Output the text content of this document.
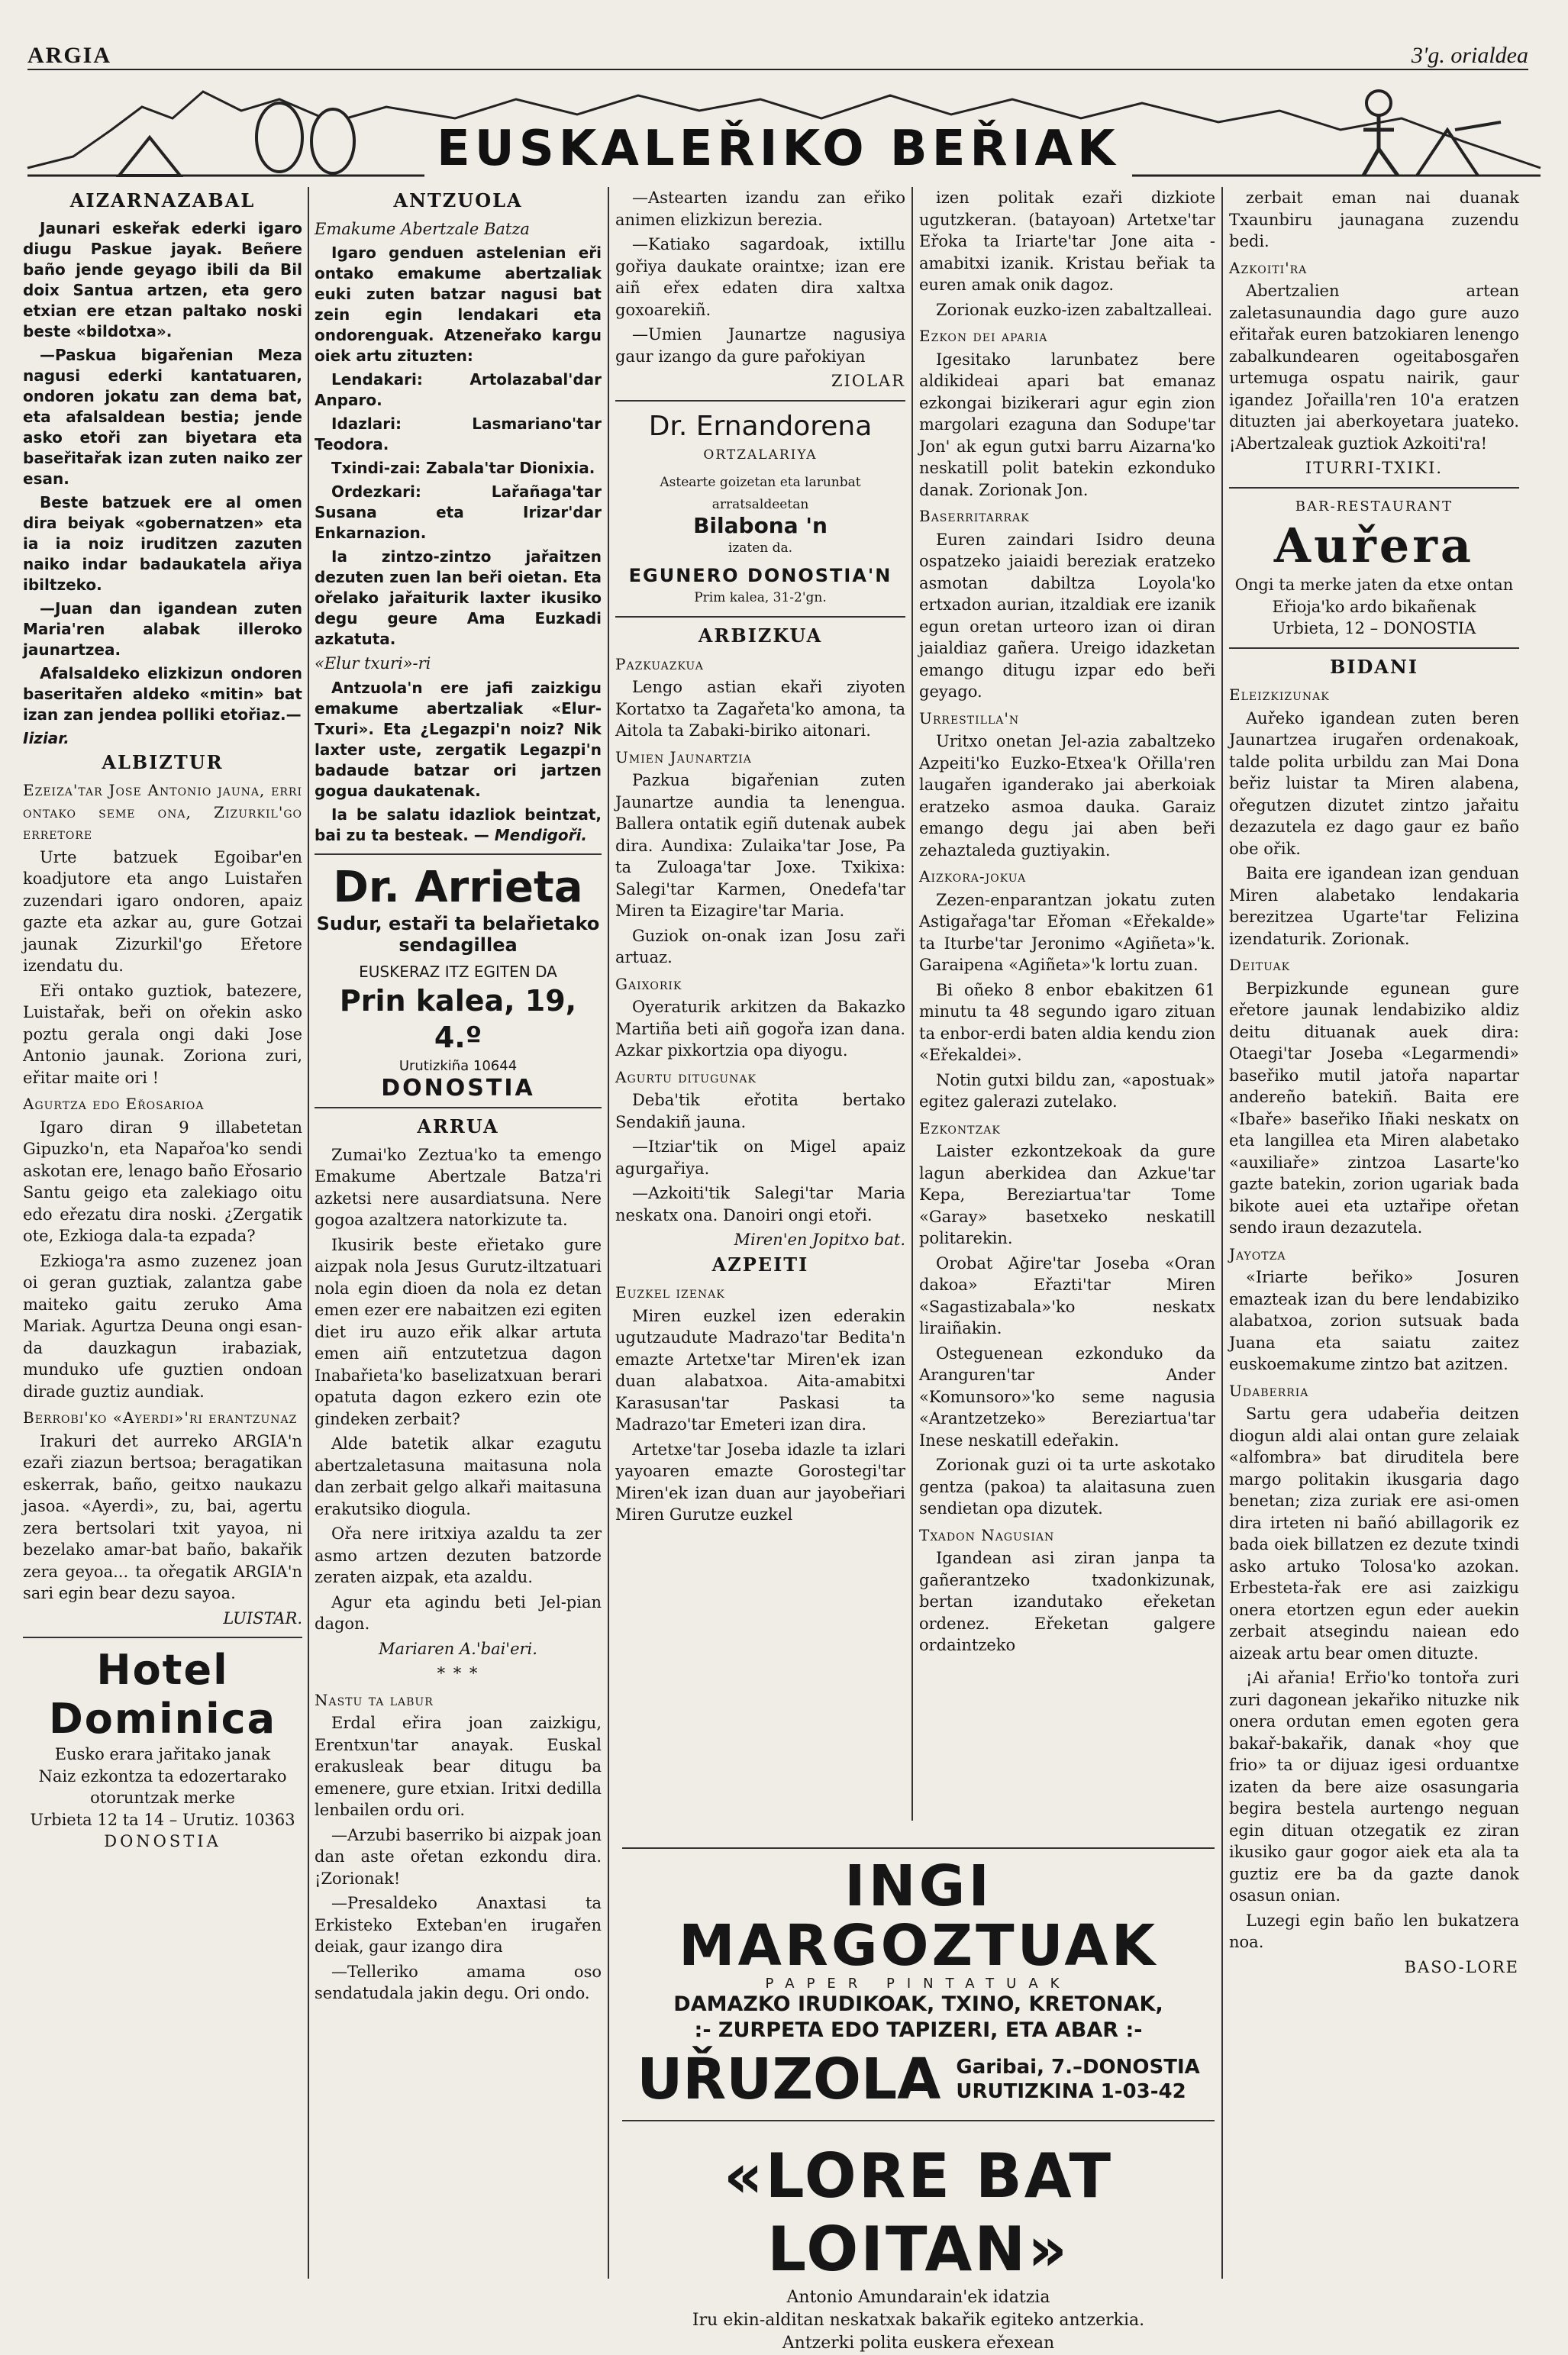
ARGIA	3'g. orialdea
EUSKALEŘIKO BEŘIAK

AIZARNAZABAL

Jaunari eskeřak ederki igaro diugu Paskue jayak. Beñere baño jende geyago ibili da Bil doix Santua artzen, eta gero etxian ere etzan paltako noski beste «bildotxa».

—Paskua bigařenian Meza nagusi ederki kantatuaren, ondoren jokatu zan dema bat, eta afalsaldean bestia; jende asko etoři zan biyetara eta baseřitařak izan zuten naiko zer esan.

Beste batzuek ere al omen dira beiyak «gobernatzen» eta ia ia noiz iruditzen zazuten naiko indar badaukatela ařiya ibiltzeko.

—Juan dan igandean zuten Maria'ren alabak illeroko jaunartzea.

Afalsaldeko elizkizun ondoren baseritařen aldeko «mitin» bat izan zan jendea polliki etořiaz.—

Iiziar.

ALBIZTUR

Ezeiza'tar Jose Antonio jauna, erri ontako seme ona, Zizurkil'go erretore

Urte batzuek Egoibar'en koadjutore eta ango Luistařen zuzendari igaro ondoren, apaiz gazte eta azkar au, gure Gotzai jaunak Zizurkil'go Eřetore izendatu du.

Eři ontako guztiok, batezere, Luistařak, beři on ořekin asko poztu gerala ongi daki Jose Antonio jaunak. Zoriona zuri, eřitar maite ori !

Agurtza edo Eřosarioa

Igaro diran 9 illabetetan Gipuzko'n, eta Napařoa'ko sendi askotan ere, lenago baño Eřosario Santu geigo eta zalekiago oitu edo eřezatu dira noski. ¿Zergatik ote, Ezkioga dala-ta ezpada?

Ezkioga'ra asmo zuzenez joan oi geran guztiak, zalantza gabe maiteko gaitu zeruko Ama Mariak. Agurtza Deuna ongi esan-da dauzkagun irabaziak, munduko ufe guztien ondoan dirade guztiz aundiak.

Berrobi'ko «Ayerdi»'ri erantzunaz

Irakuri det aurreko ARGIA'n ezaři ziazun bertsoa; beragatikan eskerrak, baño, geitxo naukazu jasoa. «Ayerdi», zu, bai, agertu zera bertsolari txit yayoa, ni bezelako amar-bat baño, bakařik zera geyoa... ta ořegatik ARGIA'n sari egin bear dezu sayoa.

LUISTAR.

Hotel Dominica
Eusko erara jařitako janak
Naiz ezkontza ta edozertarako otoruntzak merke
Urbieta 12 ta 14 – Urutiz. 10363
DONOSTIA

ANTZUOLA

Emakume Abertzale Batza

Igaro genduen astelenian eři ontako emakume abertzaliak euki zuten batzar nagusi bat zein egin lendakari eta ondorenguak. Atzeneřako kargu oiek artu zituzten:

Lendakari: Artolazabal'dar Anparo.

Idazlari: Lasmariano'tar Teodora.

Txindi-zai: Zabala'tar Dionixia.

Ordezkari: Lařañaga'tar Susana eta Irizar'dar Enkarnazion.

Ia zintzo-zintzo jařaitzen dezuten zuen lan beři oietan. Eta ořelako jařaiturik laxter ikusiko degu geure Ama Euzkadi azkatuta.

«Elur txuri»-ri

Antzuola'n ere jafi zaizkigu emakume abertzaliak «Elur-Txuri». Eta ¿Legazpi'n noiz? Nik laxter uste, zergatik Legazpi'n badaude batzar ori jartzen gogua daukatenak.

Ia be salatu idazliok beintzat, bai zu ta besteak. — Mendigoři.

Dr. Arrieta
Sudur, estaři ta belařietako sendagillea
EUSKERAZ ITZ EGITEN DA
Prin kalea, 19, 4.º
Urutizkiña 10644
DONOSTIA

ARRUA

Zumai'ko Zeztua'ko ta emengo Emakume Abertzale Batza'ri azketsi nere ausardiatsuna. Nere gogoa azaltzera natorkizute ta.

Ikusirik beste eřietako gure aizpak nola Jesus Gurutz-iltzatuari nola egin dioen da nola ez detan emen ezer ere nabaitzen ezi egiten diet iru auzo eřik alkar artuta emen aiñ entzutetzua dagon Inabařieta'ko baselizatxuan berari opatuta dagon ezkero ezin ote gindeken zerbait?

Alde batetik alkar ezagutu abertzaletasuna maitasuna nola dan zerbait gelgo alkaři maitasuna erakutsiko diogula.

Ořa nere iritxiya azaldu ta zer asmo artzen dezuten batzorde zeraten aizpak, eta azaldu.

Agur eta agindu beti Jel-pian dagon.

Mariaren A.'bai'eri.

* * *

Nastu ta labur

Erdal eřira joan zaizkigu, Erentxun'tar anayak. Euskal erakusleak bear ditugu ba emenere, gure etxian. Iritxi dedilla lenbailen ordu ori.

—Arzubi baserriko bi aizpak joan dan aste ořetan ezkondu dira. ¡Zorionak!

—Presaldeko Anaxtasi ta Erkisteko Exteban'en irugařen deiak, gaur izango dira

—Telleriko amama oso sendatudala jakin degu. Ori ondo.

—Astearten izandu zan eřiko animen elizkizun berezia.

—Katiako sagardoak, ixtillu gořiya daukate oraintxe; izan ere aiñ eřex edaten dira xaltxa goxoarekiñ.

—Umien Jaunartze nagusiya gaur izango da gure pařokiyan

ZIOLAR

Dr. Ernandorena
ORTZALARIYA
Astearte goizetan eta larunbat arratsaldeetan
Bilabona 'n
izaten da.
EGUNERO DONOSTIA'N
Prim kalea, 31-2'gn.

ARBIZKUA

Pazkuazkua

Lengo astian ekaři ziyoten Kortatxo ta Zagařeta'ko amona, ta Aitola ta Zabaki-biriko aitonari.

Umien Jaunartzia

Pazkua bigařenian zuten Jaunartze aundia ta lenengua. Ballera ontatik egiñ dutenak aubek dira. Aundixa: Zulaika'tar Jose, Pa ta Zuloaga'tar Joxe. Txikixa: Salegi'tar Karmen, Onedefa'tar Miren ta Eizagire'tar Maria.

Guziok on-onak izan Josu zaři artuaz.

Gaixorik

Oyeraturik arkitzen da Bakazko Martiña beti aiñ gogořa izan dana. Azkar pixkortzia opa diyogu.

Agurtu ditugunak

Deba'tik eřotita bertako Sendakiñ jauna.

—Itziar'tik on Migel apaiz agurgařiya.

—Azkoiti'tik Salegi'tar Maria neskatx ona. Danoiri ongi etoři.

Miren'en Jopitxo bat.

AZPEITI

Euzkel izenak

Miren euzkel izen ederakin ugutzaudute Madrazo'tar Bedita'n emazte Artetxe'tar Miren'ek izan duan alabatxoa. Aita-amabitxi Karasusan'tar Paskasi ta Madrazo'tar Emeteri izan dira.

Artetxe'tar Joseba idazle ta izlari yayoaren emazte Gorostegi'tar Miren'ek izan duan aur jayobeřiari Miren Gurutze euzkel

izen politak ezaři dizkiote ugutzkeran. (batayoan) Artetxe'tar Eřoka ta Iriarte'tar Jone aita -amabitxi izanik. Kristau beřiak ta euren amak onik dagoz.

Zorionak euzko-izen zabaltzalleai.

Ezkon dei aparia

Igesitako larunbatez bere aldikideai apari bat emanaz ezkongai bizikerari agur egin zion margolari ezaguna dan Sodupe'tar Jon' ak egun gutxi barru Aizarna'ko neskatill polit batekin ezkonduko danak. Zorionak Jon.

Baserritarrak

Euren zaindari Isidro deuna ospatzeko jaiaidi bereziak eratzeko asmotan dabiltza Loyola'ko ertxadon aurian, itzaldiak ere izanik egun oretan urteoro izan oi diran jaialdiaz gañera. Ureigo idazketan emango ditugu izpar edo beři geyago.

Urrestilla'n

Uritxo onetan Jel-azia zabaltzeko Azpeiti'ko Euzko-Etxea'k Ořilla'ren laugařen iganderako jai aberkoiak eratzeko asmoa dauka. Garaiz emango degu jai aben beři zehaztaleda guztiyakin.

Aizkora-jokua

Zezen-enparantzan jokatu zuten Astigařaga'tar Eřoman «Eřekalde» ta Iturbe'tar Jeronimo «Agiñeta»'k. Garaipena «Agiñeta»'k lortu zuan.

Bi oñeko 8 enbor ebakitzen 61 minutu ta 48 segundo igaro zituan ta enbor-erdi baten aldia kendu zion «Eřekaldei».

Notin gutxi bildu zan, «apostuak» egitez galerazi zutelako.

Ezkontzak

Laister ezkontzekoak da gure lagun aberkidea dan Azkue'tar Kepa, Bereziartua'tar Tome «Garay» basetxeko neskatill politarekin.

Orobat Ağire'tar Joseba «Oran dakoa» Eřazti'tar Miren «Sagastizabala»'ko neskatx liraiñakin.

Osteguenean ezkonduko da Aranguren'tar Ander «Komunsoro»'ko seme nagusia «Arantzetzeko» Bereziartua'tar Inese neskatill edeřakin.

Zorionak guzi oi ta urte askotako gentza (pakoa) ta alaitasuna zuen sendietan opa dizutek.

Txadon Nagusian

Igandean asi ziran janpa ta gañerantzeko txadonkizunak, bertan izandutako eřeketan ordenez. Eřeketan galgere ordaintzeko

zerbait eman nai duanak Txaunbiru jaunagana zuzendu bedi.

Azkoiti'ra

Abertzalien artean zaletasunaundia dago gure auzo eřitařak euren batzokiaren lenengo zabalkundearen ogeitabosgařen urtemuga ospatu nairik, gaur igandez Jořailla'ren 10'a eratzen dituzten jai aberkoyetara juateko. ¡Abertzaleak guztiok Azkoiti'ra!

ITURRI-TXIKI.

BAR-RESTAURANT
Auřera
Ongi ta merke jaten da etxe ontan
Eřioja'ko ardo bikañenak
Urbieta, 12 – DONOSTIA

BIDANI

Eleizkizunak

Auřeko igandean zuten beren Jaunartzea irugařen ordenakoak, talde polita urbildu zan Mai Dona beřiz luistar ta Miren alabena, ořegutzen dizutet zintzo jařaitu dezazutela ez dago gaur ez baño obe ořik.

Baita ere igandean izan genduan Miren alabetako lendakaria berezitzea Ugarte'tar Felizina izendaturik. Zorionak.

Deituak

Berpizkunde egunean gure eřetore jaunak lendabiziko aldiz deitu dituanak auek dira: Otaegi'tar Joseba «Legarmendi» baseřiko mutil jatořa napartar andereño batekiñ. Baita ere «Ibaře» baseřiko Iñaki neskatx on eta langillea eta Miren alabetako «auxiliaře» zintzoa Lasarte'ko gazte batekin, zorion ugariak bada bikote auei eta uztařipe ořetan sendo iraun dezazutela.

Jayotza

«Iriarte beřiko» Josuren emazteak izan du bere lendabiziko alabatxoa, zorion sutsuak bada Juana eta saiatu zaitez euskoemakume zintzo bat azitzen.

Udaberria

Sartu gera udabeřia deitzen diogun aldi alai ontan gure zelaiak «alfombra» bat diruditela bere margo politakin ikusgaria dago benetan; ziza zuriak ere asi-omen dira irteten ni bañó abillagorik ez bada oiek billatzen ez dezute txindi asko artuko Tolosa'ko azokan. Erbesteta-řak ere asi zaizkigu onera etortzen egun eder auekin zerbait atsegindu naiean edo aizeak artu bear omen dituzte.

¡Ai ařania! Erřio'ko tontořa zuri zuri dagonean jekařiko nituzke nik onera ordutan emen egoten gera bakař-bakařik, danak «hoy que frio» ta or dijuaz igesi orduantxe izaten da bere aize osasungaria begira bestela aurtengo neguan egin dituan otzegatik ez ziran ikusiko gaur gogor aiek eta ala ta guztiz ere ba da gazte danok osasun onian.

Luzegi egin baño len bukatzera noa.

BASO-LORE

INGI MARGOZTUAK
PAPER PINTATUAK
DAMAZKO IRUDIKOAK, TXINO, KRETONAK,
:- ZURPETA EDO TAPIZERI, ETA ABAR :-
UŘUZOLA Garibai, 7.–DONOSTIA
URUTIZKINA 1-03-42
«LORE BAT LOITAN»
Antonio Amundarain'ek idatzia
Iru ekin-alditan neskatxak bakařik egiteko antzerkia.
Antzerki polita euskera eřexean
